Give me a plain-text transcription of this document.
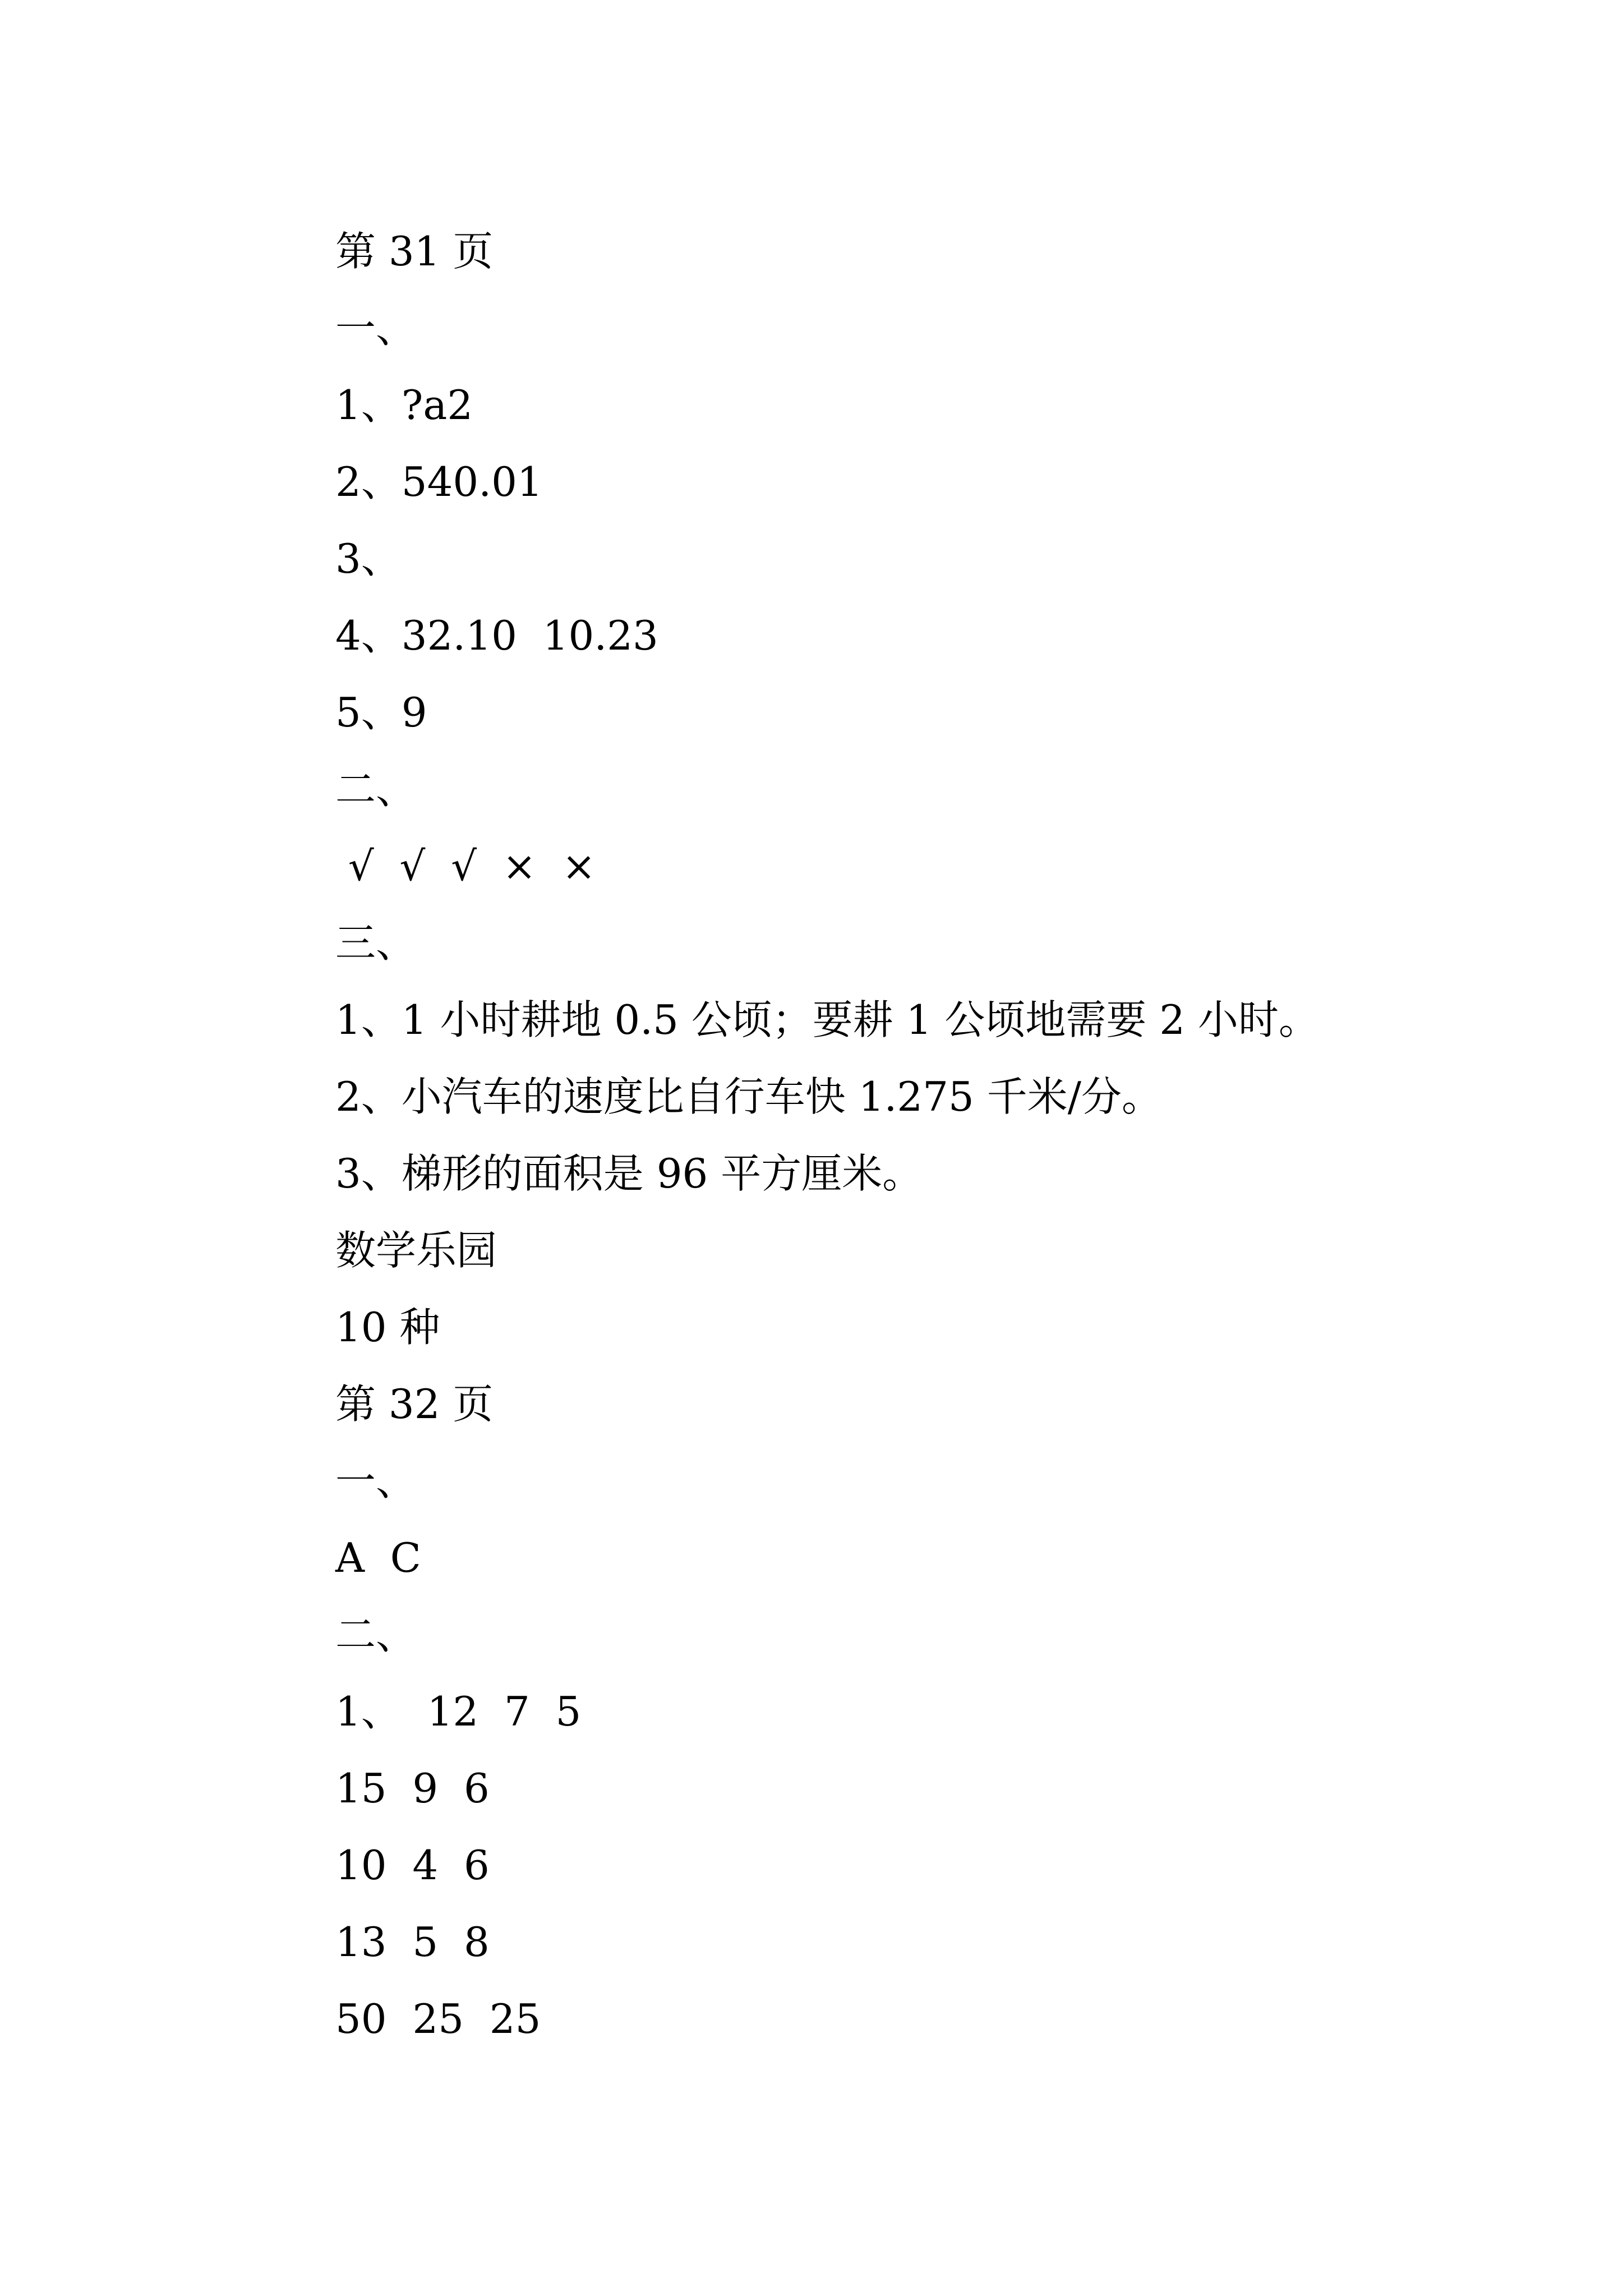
第 31 页
一、
1、?a2
2、540.01
3、
4、32.10  10.23
5、9
二、
√  √  √  ×  ×
三、
1、1 小时耕地 0.5 公顷；要耕 1 公顷地需要 2 小时。
2、小汽车的速度比自行车快 1.275 千米/分。
3、梯形的面积是 96 平方厘米。
数学乐园
10 种
第 32 页
一、
A  C
二、
1、  12  7  5
15  9  6
10  4  6
13  5  8
50  25  25
